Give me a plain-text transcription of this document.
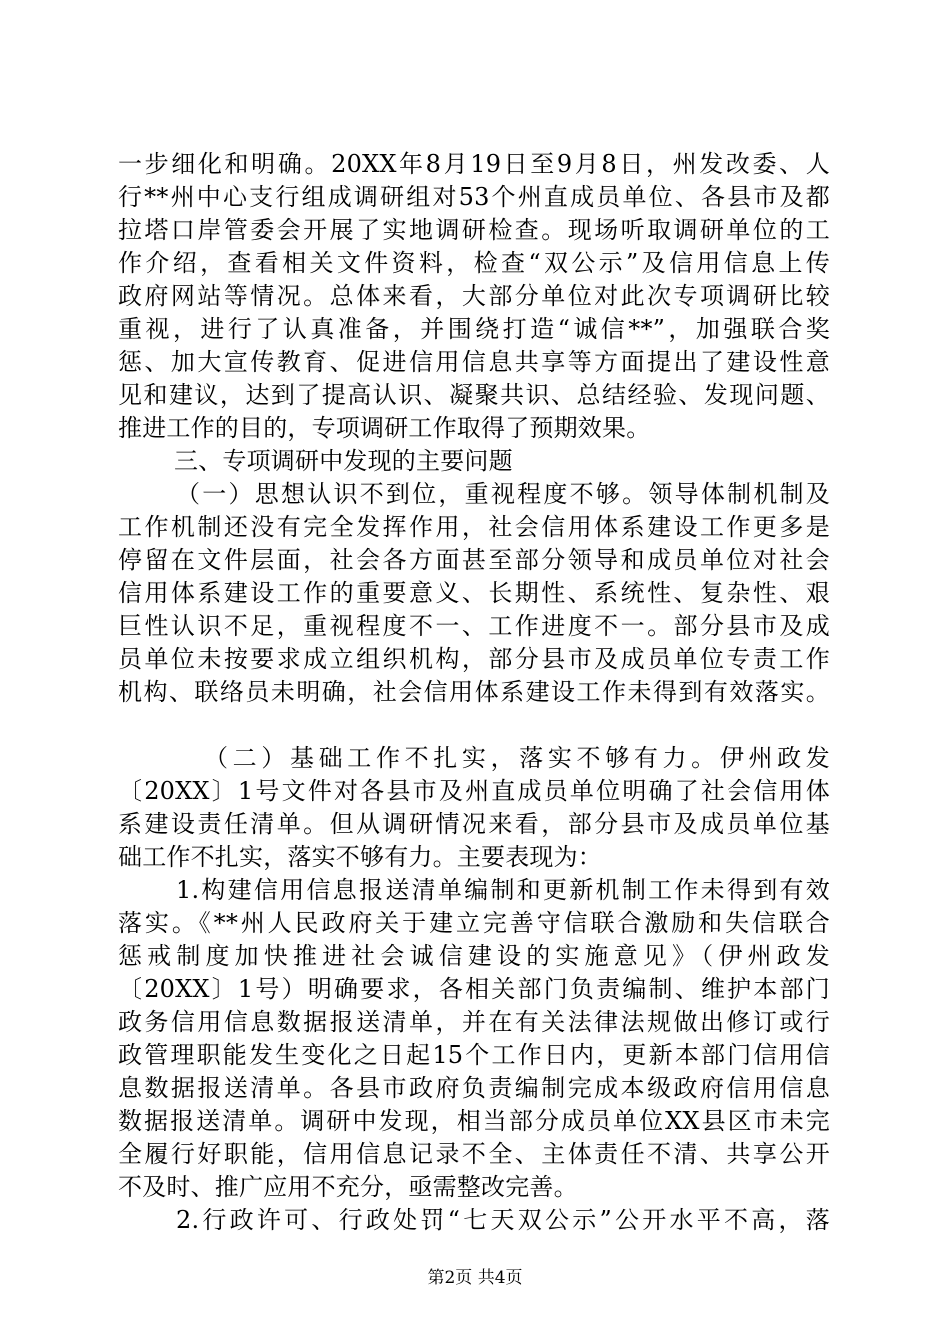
一步细化和明确。20XX年8月19日至9月8日，州发改委、人
行**州中心支行组成调研组对53个州直成员单位、各县市及都
拉塔口岸管委会开展了实地调研检查。现场听取调研单位的工
作介绍，查看相关文件资料，检查“双公示”及信用信息上传
政府网站等情况。总体来看，大部分单位对此次专项调研比较
重视，进行了认真准备，并围绕打造“诚信**”，加强联合奖
惩、加大宣传教育、促进信用信息共享等方面提出了建设性意
见和建议，达到了提高认识、凝聚共识、总结经验、发现问题、
推进工作的目的，专项调研工作取得了预期效果。
三、专项调研中发现的主要问题
（一）思想认识不到位，重视程度不够。领导体制机制及
工作机制还没有完全发挥作用，社会信用体系建设工作更多是
停留在文件层面，社会各方面甚至部分领导和成员单位对社会
信用体系建设工作的重要意义、长期性、系统性、复杂性、艰
巨性认识不足，重视程度不一、工作进度不一。部分县市及成
员单位未按要求成立组织机构，部分县市及成员单位专责工作
机构、联络员未明确，社会信用体系建设工作未得到有效落实。
（二）基础工作不扎实，落实不够有力。伊州政发
〔20XX〕1号文件对各县市及州直成员单位明确了社会信用体
系建设责任清单。但从调研情况来看，部分县市及成员单位基
础工作不扎实，落实不够有力。主要表现为：
1.构建信用信息报送清单编制和更新机制工作未得到有效
落实。《**州人民政府关于建立完善守信联合激励和失信联合
惩戒制度加快推进社会诚信建设的实施意见》（伊州政发
〔20XX〕1号）明确要求，各相关部门负责编制、维护本部门
政务信用信息数据报送清单，并在有关法律法规做出修订或行
政管理职能发生变化之日起15个工作日内，更新本部门信用信
息数据报送清单。各县市政府负责编制完成本级政府信用信息
数据报送清单。调研中发现，相当部分成员单位XX县区市未完
全履行好职能，信用信息记录不全、主体责任不清、共享公开
不及时、推广应用不充分，亟需整改完善。
2.行政许可、行政处罚“七天双公示”公开水平不高，落
第2页 共4页
